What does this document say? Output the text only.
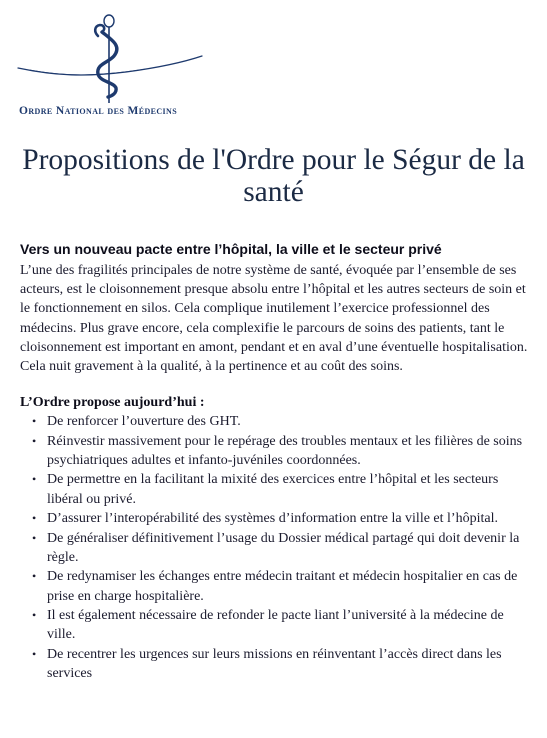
Ordre National des Médecins
Propositions de l'Ordre pour le Ségur de la santé
Vers un nouveau pacte entre l’hôpital, la ville et le secteur privé

L’une des fragilités principales de notre système de santé, évoquée par l’ensemble de ses acteurs, est le cloisonnement presque absolu entre l’hôpital et les autres secteurs de soin et le fonctionnement en silos. Cela complique inutilement l’exercice professionnel des médecins. Plus grave encore, cela complexifie le parcours de soins des patients, tant le cloisonnement est important en amont, pendant et en aval d’une éventuelle hospitalisation. Cela nuit gravement à la qualité, à la pertinence et au coût des soins.

L’Ordre propose aujourd’hui :
• De renforcer l’ouverture des GHT.
• Réinvestir massivement pour le repérage des troubles mentaux et les filières de soins psychiatriques adultes et infanto-juvéniles coordonnées.
• De permettre en la facilitant la mixité des exercices entre l’hôpital et les secteurs libéral ou privé.
• D’assurer l’interopérabilité des systèmes d’information entre la ville et l’hôpital.
• De généraliser définitivement l’usage du Dossier médical partagé qui doit devenir la règle.
• De redynamiser les échanges entre médecin traitant et médecin hospitalier en cas de prise en charge hospitalière.
• Il est également nécessaire de refonder le pacte liant l’université à la médecine de ville.
• De recentrer les urgences sur leurs missions en réinventant l’accès direct dans les services
